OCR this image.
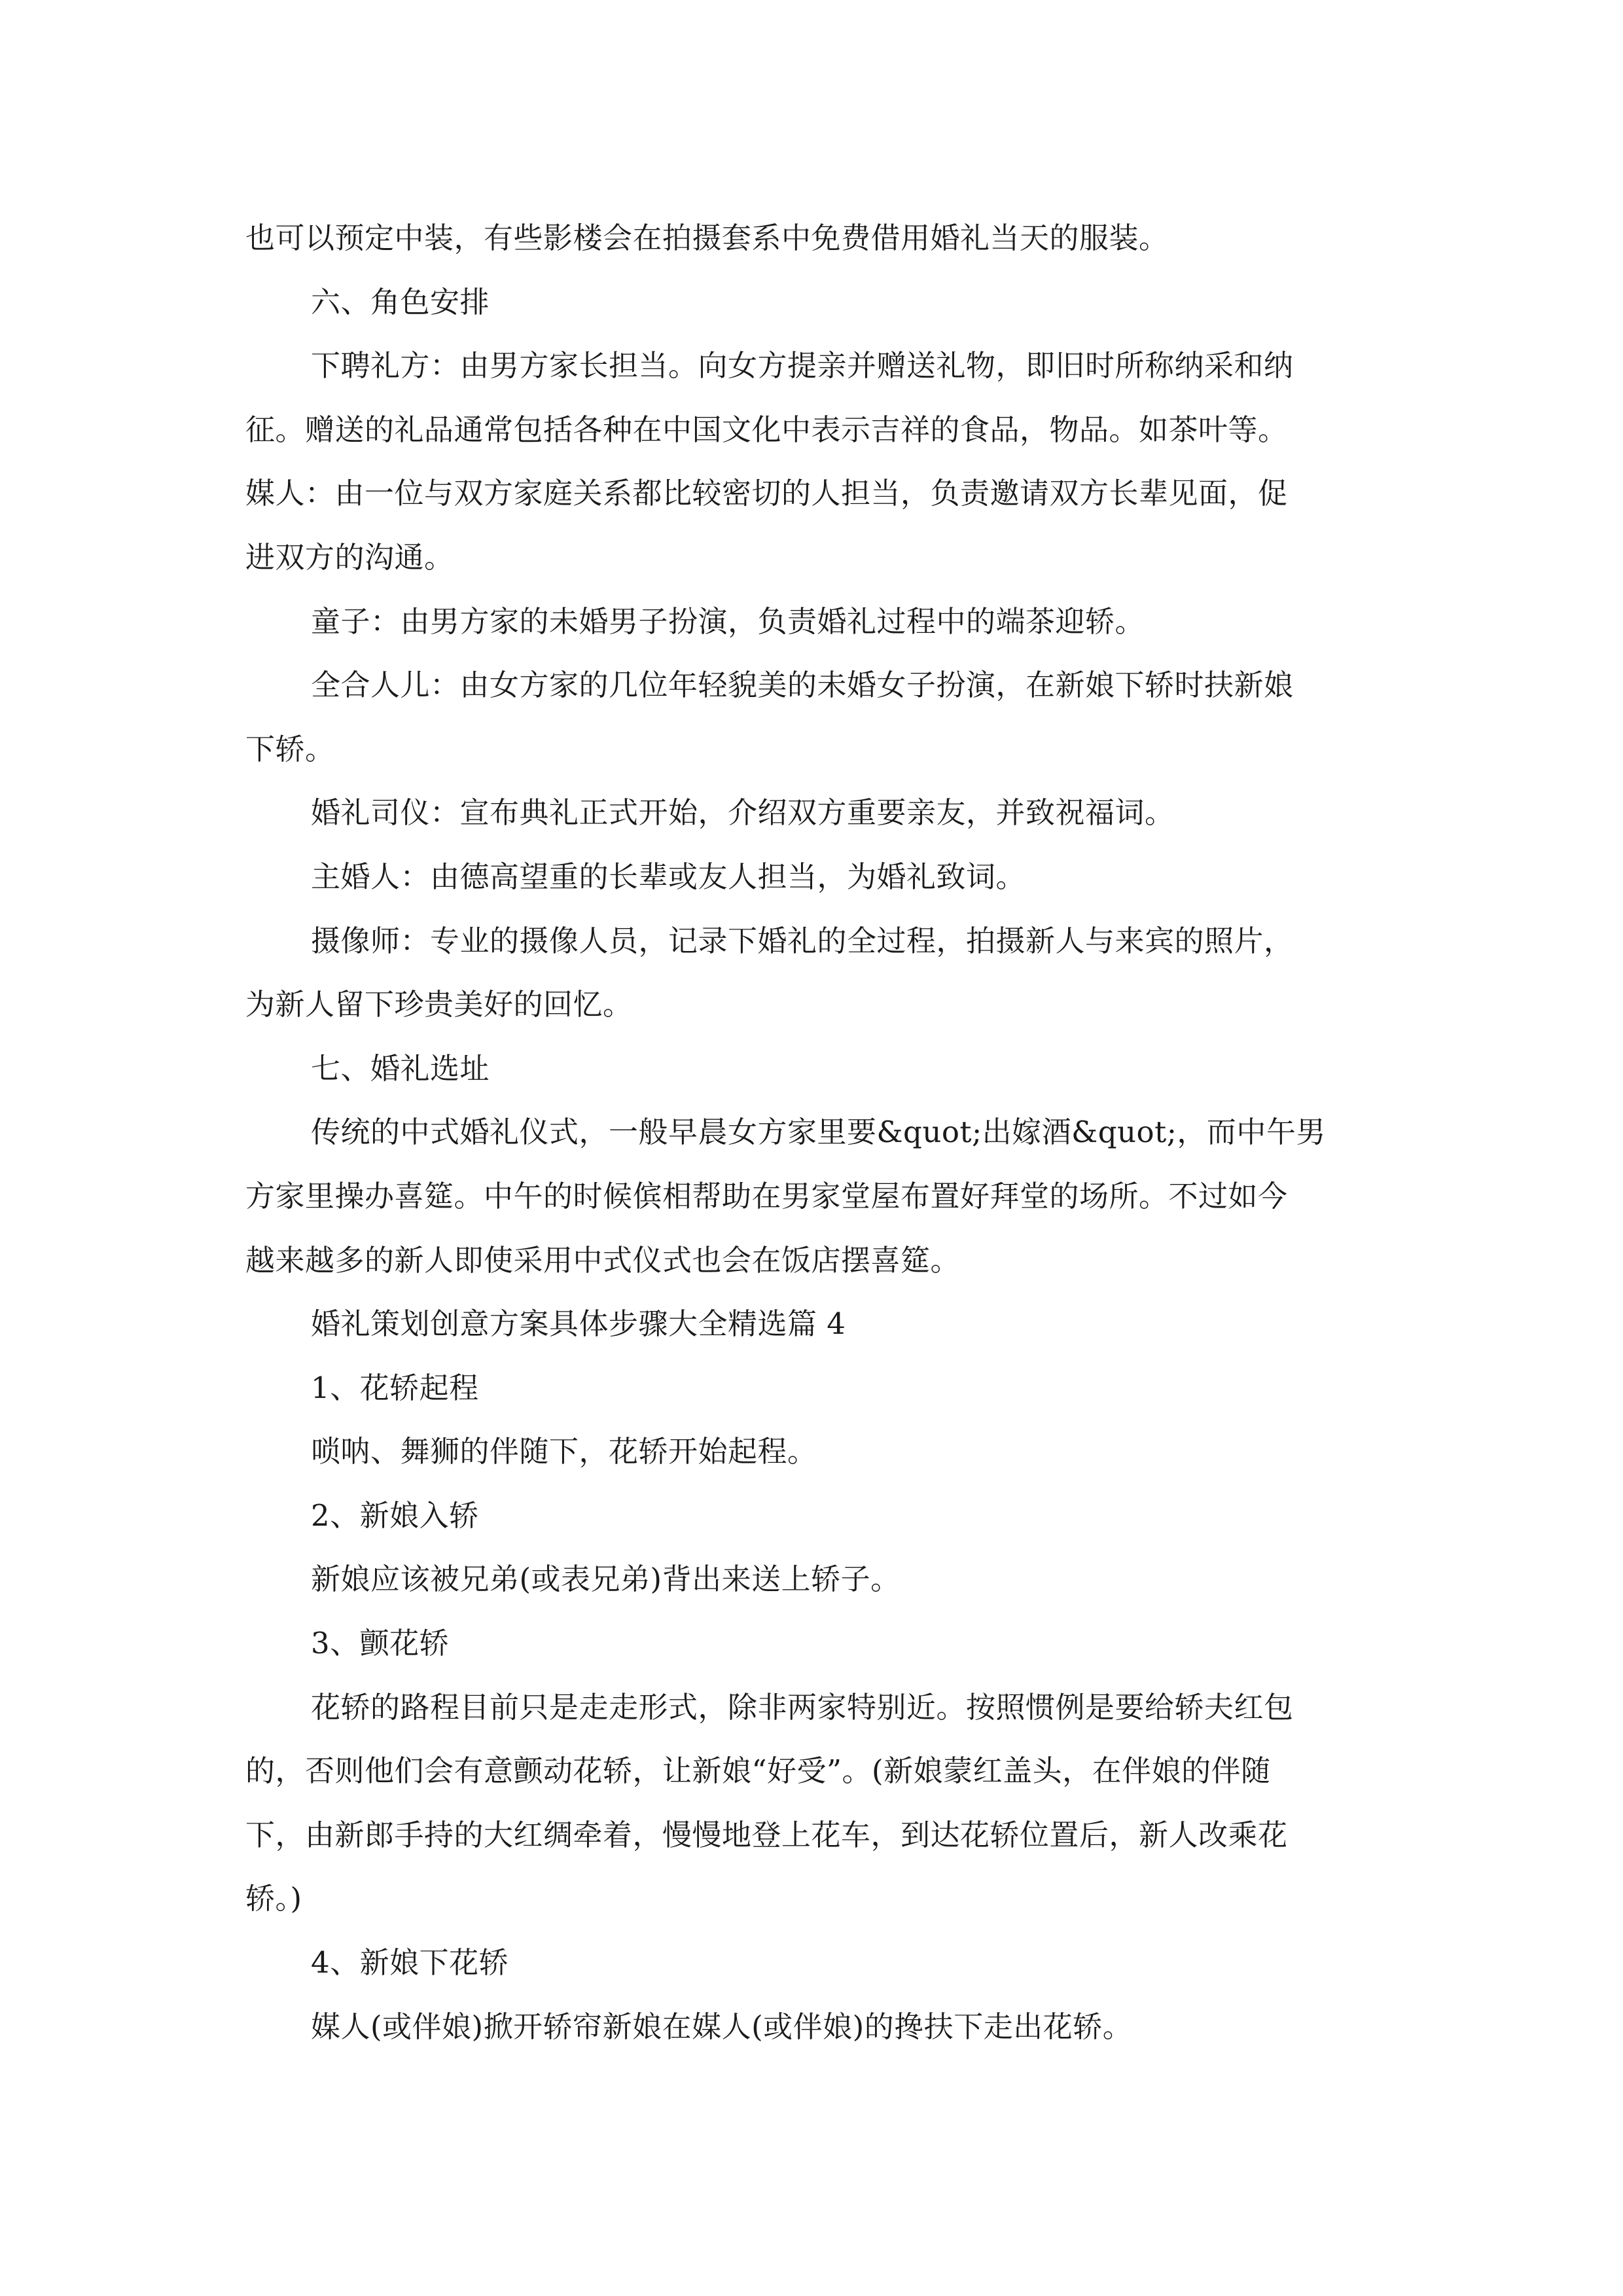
也可以预定中装，有些影楼会在拍摄套系中免费借用婚礼当天的服装。

六、角色安排

下聘礼方：由男方家长担当。向女方提亲并赠送礼物，即旧时所称纳采和纳

征。赠送的礼品通常包括各种在中国文化中表示吉祥的食品，物品。如茶叶等。

媒人：由一位与双方家庭关系都比较密切的人担当，负责邀请双方长辈见面，促

进双方的沟通。

童子：由男方家的未婚男子扮演，负责婚礼过程中的端茶迎轿。

全合人儿：由女方家的几位年轻貌美的未婚女子扮演，在新娘下轿时扶新娘

下轿。

婚礼司仪：宣布典礼正式开始，介绍双方重要亲友，并致祝福词。

主婚人：由德高望重的长辈或友人担当，为婚礼致词。

摄像师：专业的摄像人员，记录下婚礼的全过程，拍摄新人与来宾的照片，

为新人留下珍贵美好的回忆。

七、婚礼选址

传统的中式婚礼仪式，一般早晨女方家里要&quot;出嫁酒&quot;，而中午男

方家里操办喜筵。中午的时候傧相帮助在男家堂屋布置好拜堂的场所。不过如今

越来越多的新人即使采用中式仪式也会在饭店摆喜筵。

婚礼策划创意方案具体步骤大全精选篇 4

1、花轿起程

唢呐、舞狮的伴随下，花轿开始起程。

2、新娘入轿

新娘应该被兄弟(或表兄弟)背出来送上轿子。

3、颤花轿

花轿的路程目前只是走走形式，除非两家特别近。按照惯例是要给轿夫红包

的，否则他们会有意颤动花轿，让新娘“好受”。(新娘蒙红盖头，在伴娘的伴随

下，由新郎手持的大红绸牵着，慢慢地登上花车，到达花轿位置后，新人改乘花

轿。)

4、新娘下花轿

媒人(或伴娘)掀开轿帘新娘在媒人(或伴娘)的搀扶下走出花轿。
